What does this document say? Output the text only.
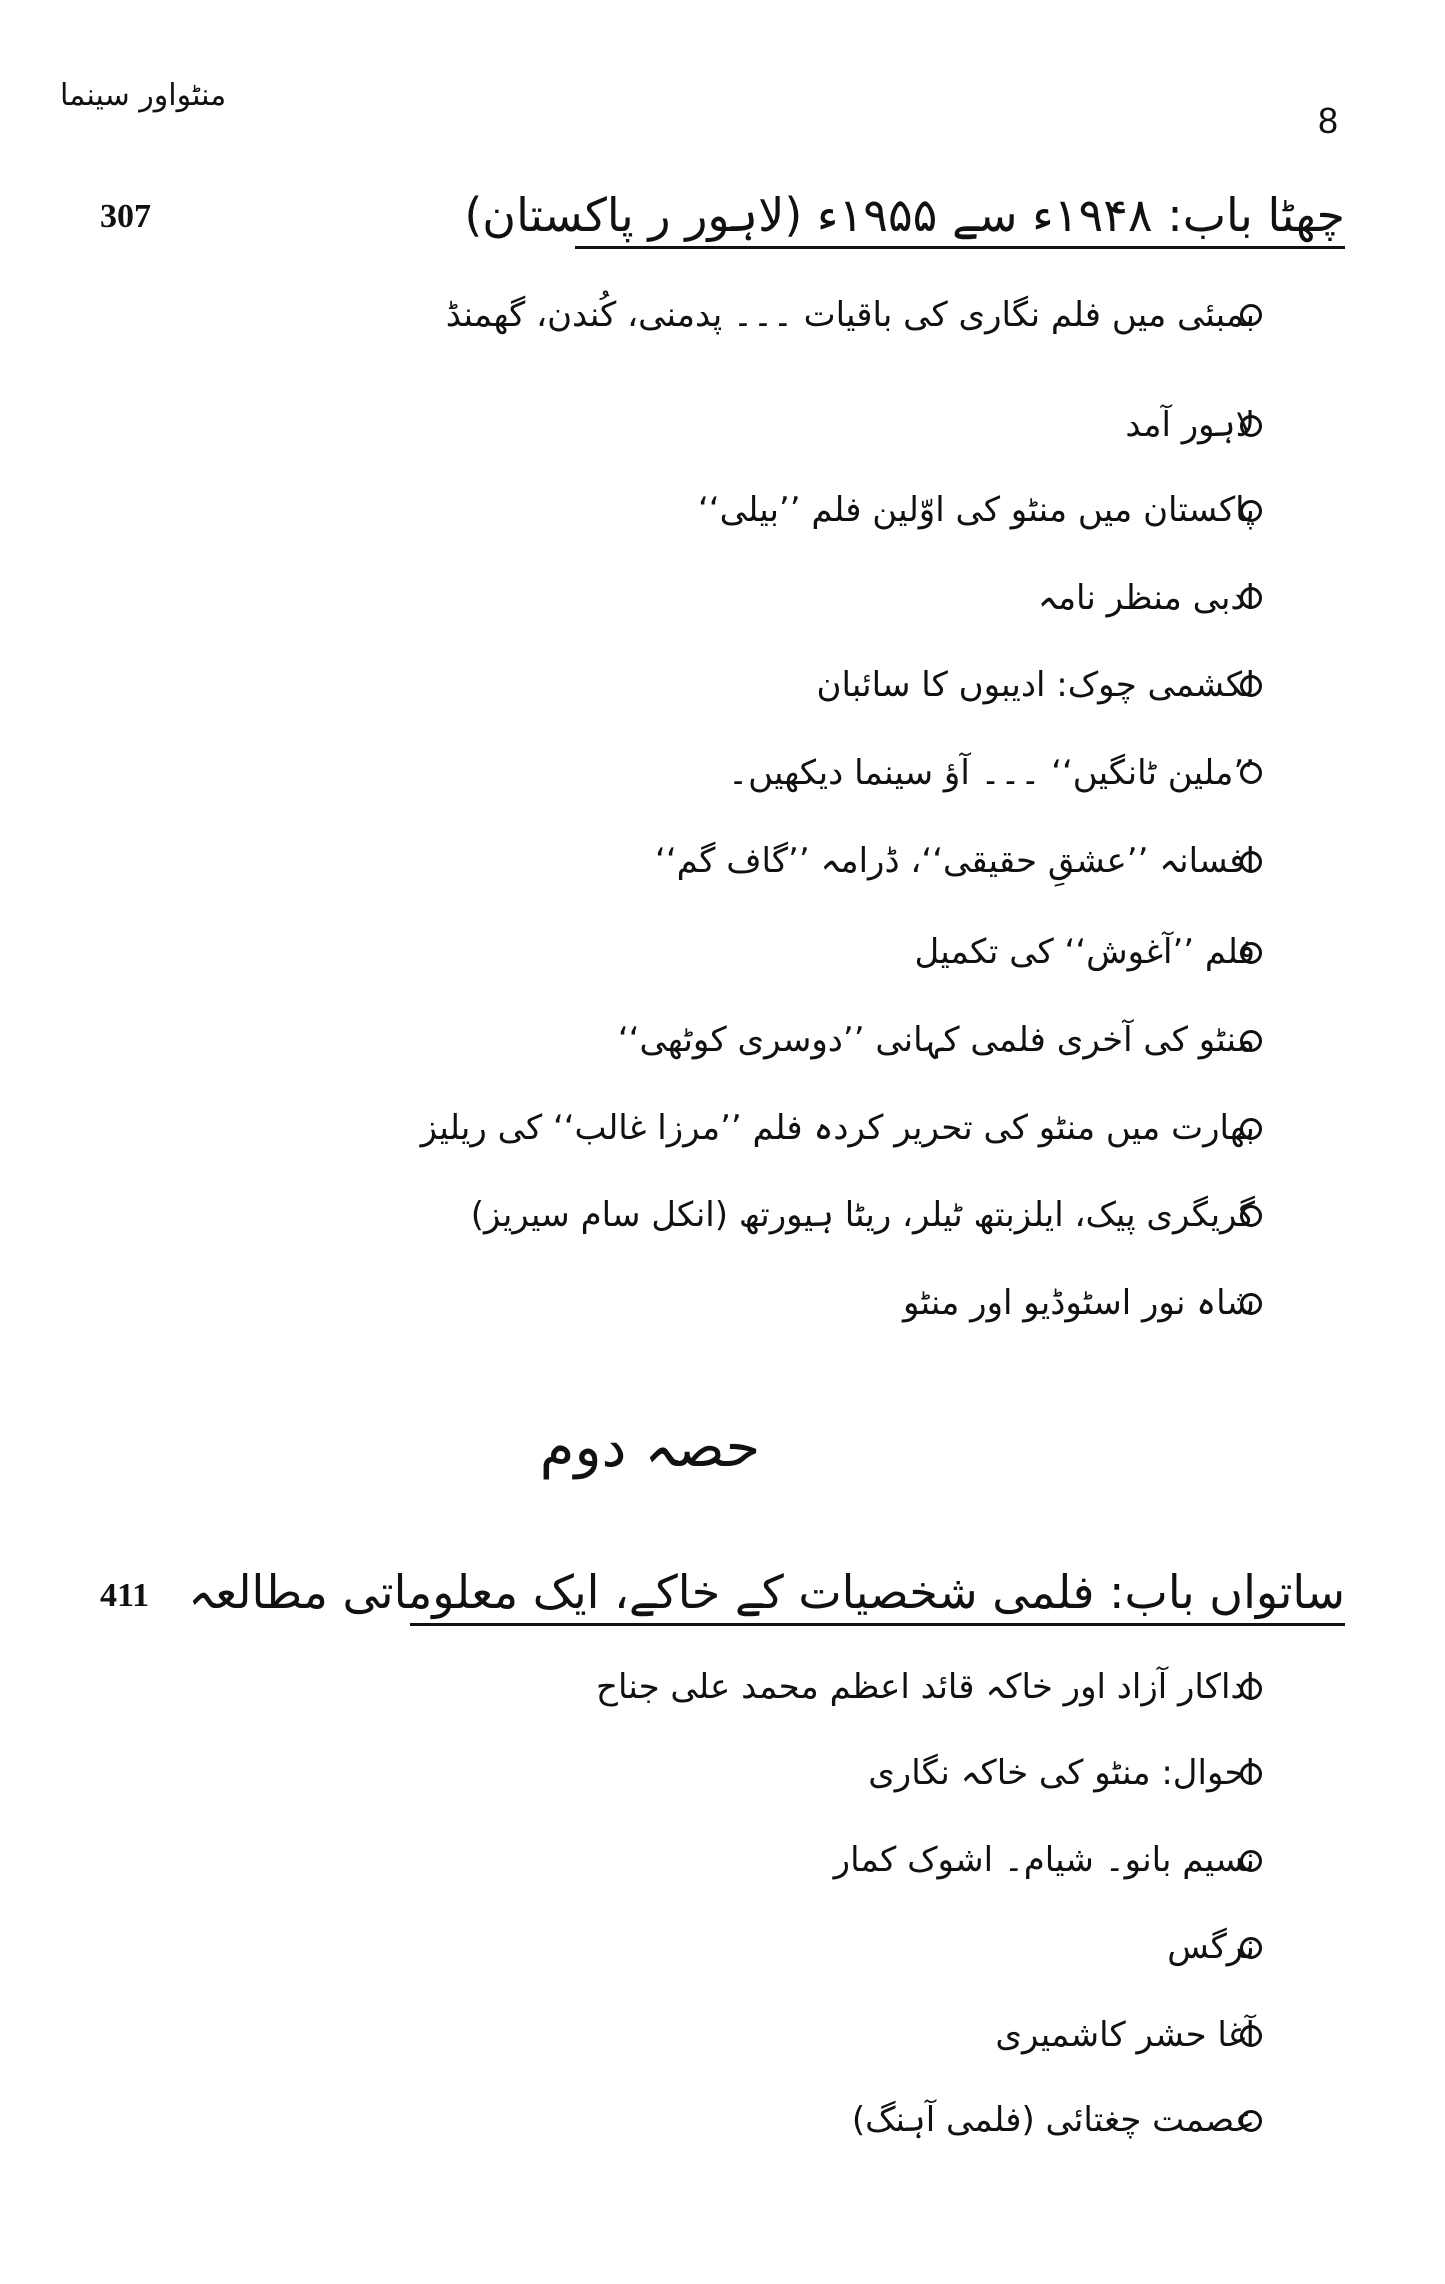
منٹواور سینما
8
چھٹا باب: ۱۹۴۸ء سے ۱۹۵۵ء (لاہور ر پاکستان)
307
بمبئی میں فلم نگاری کی باقیات ۔۔۔ پدمنی، کُندن، گھمنڈ
لاہور آمد
پاکستان میں منٹو کی اوّلین فلم ’’بیلی‘‘
ادبی منظر نامہ
لکشمی چوک: ادیبوں کا سائبان
’’ملین ٹانگیں‘‘ ۔۔۔ آؤ سینما دیکھیں۔
افسانہ ’’عشقِ حقیقی‘‘، ڈرامہ ’’گاف گم‘‘
فلم ’’آغوش‘‘ کی تکمیل
منٹو کی آخری فلمی کہانی ’’دوسری کوٹھی‘‘
بھارت میں منٹو کی تحریر کردہ فلم ’’مرزا غالب‘‘ کی ریلیز
گریگری پیک، ایلزبتھ ٹیلر، ریٹا ہیورتھ (انکل سام سیریز)
شاہ نور اسٹوڈیو اور منٹو
حصہ دوم
ساتواں باب: فلمی شخصیات کے خاکے، ایک معلوماتی مطالعہ
411
اداکار آزاد اور خاکہ قائد اعظم محمد علی جناح
احوال: منٹو کی خاکہ نگاری
نسیم بانو۔ شیام۔ اشوک کمار
نرگس
آغا حشر کاشمیری
عصمت چغتائی (فلمی آہنگ)
